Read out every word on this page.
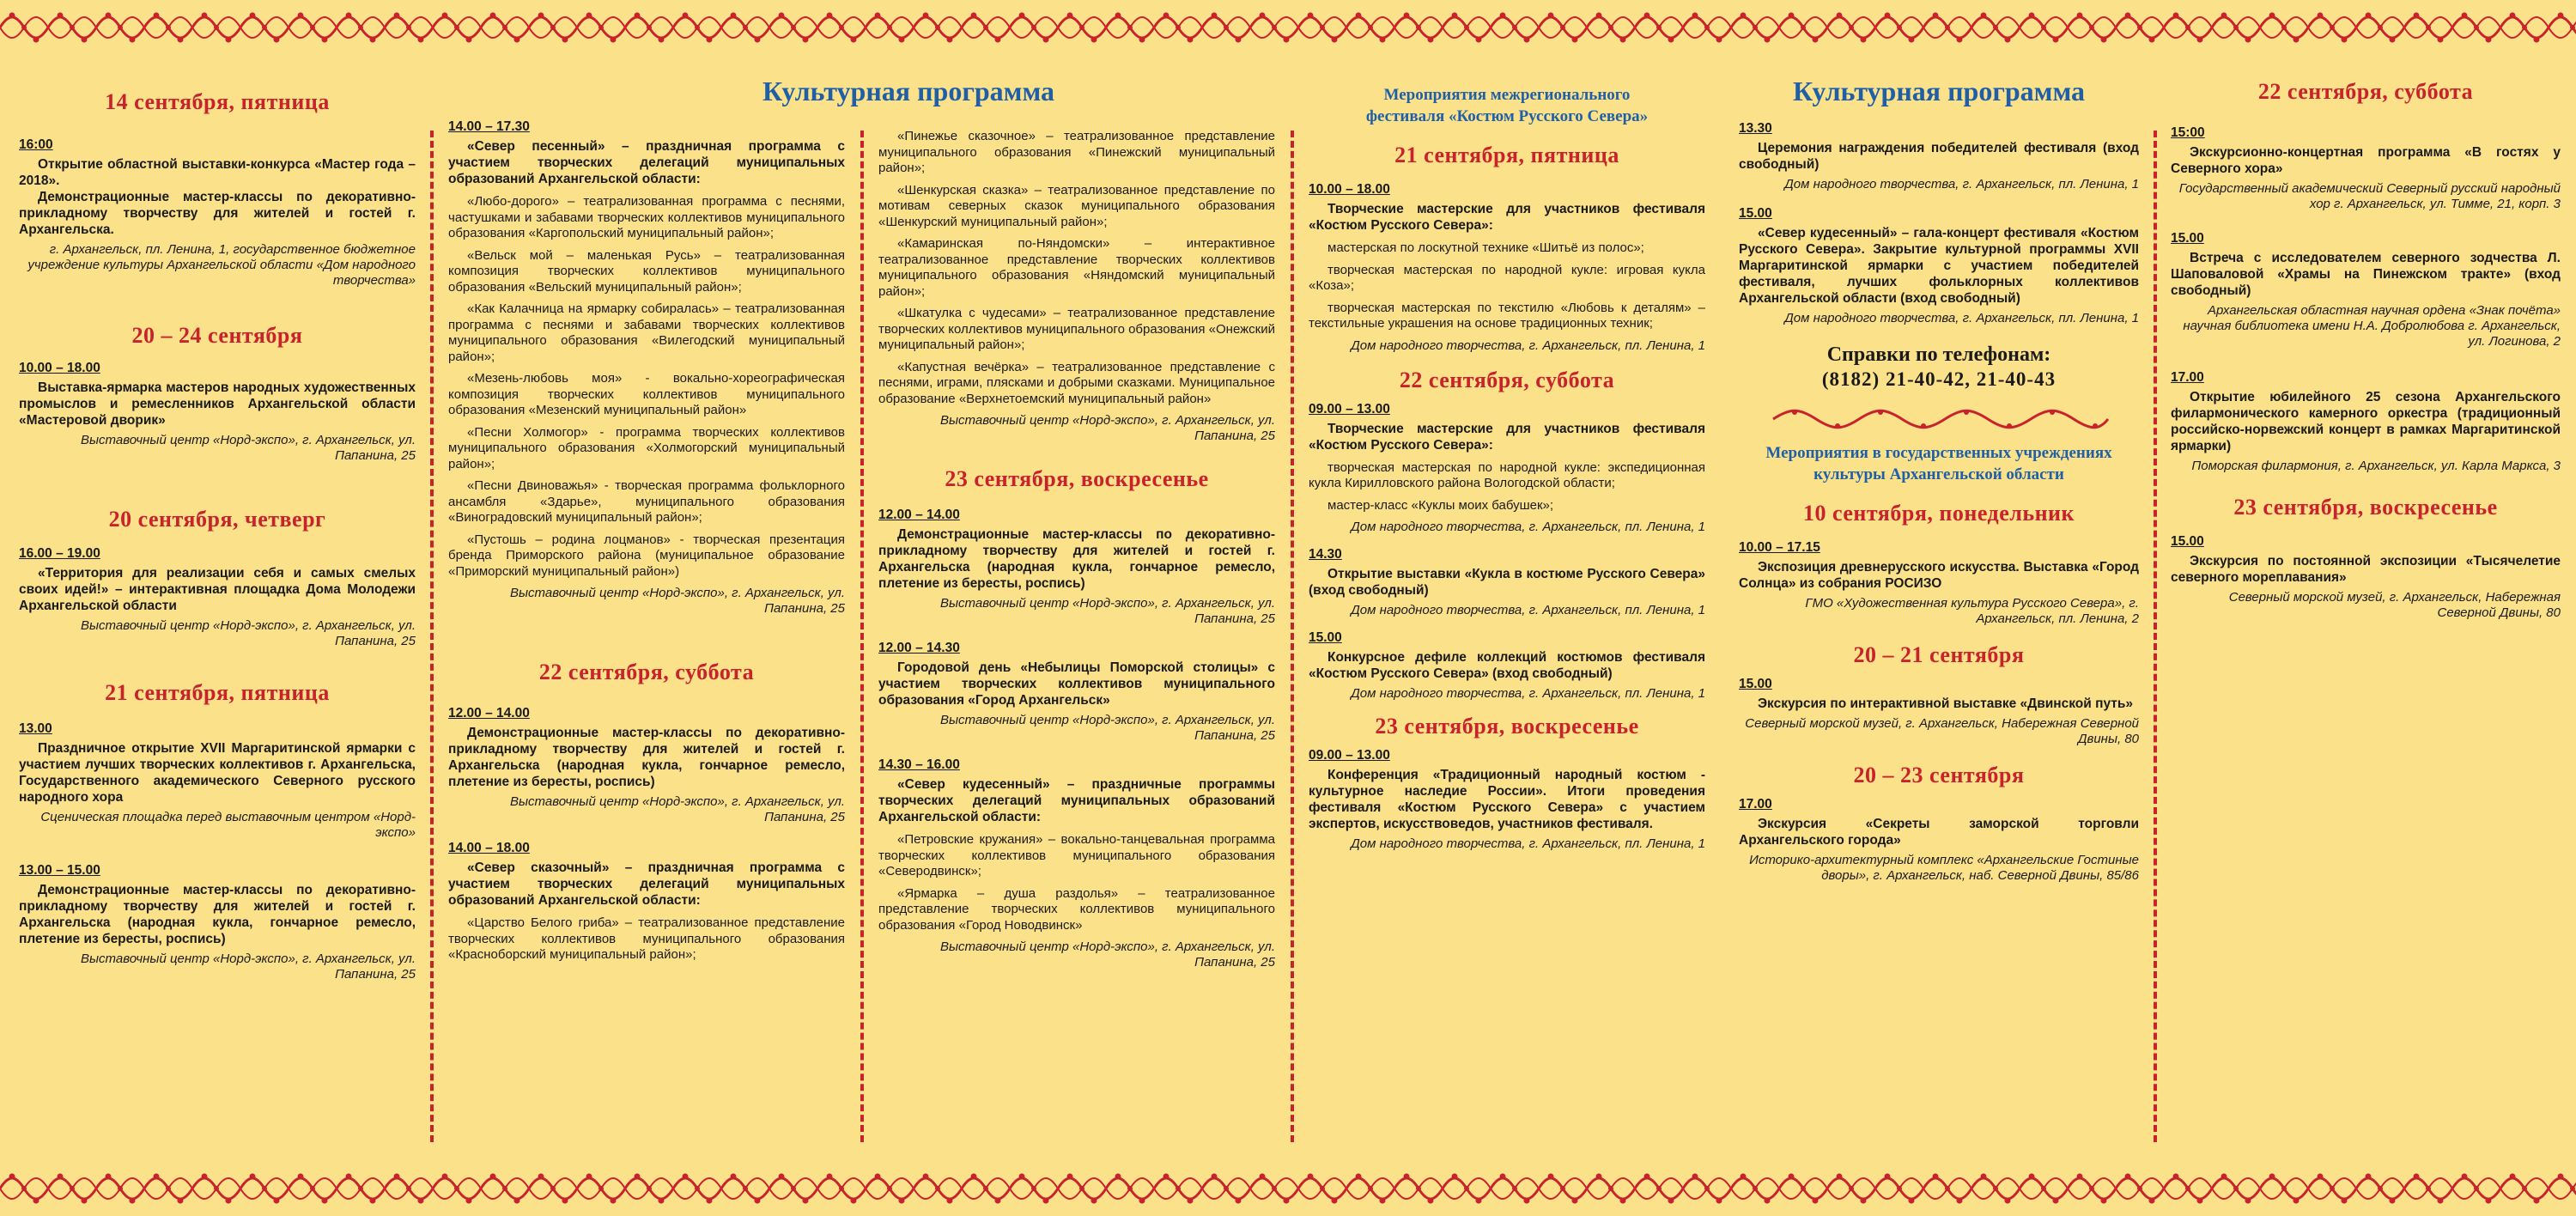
14 сентября, пятница

16:00

Открытие областной выставки-конкурса «Мастер года – 2018».

Демонстрационные мастер-классы по декоративно-прикладному творчеству для жителей и гостей г. Архангельска.

г. Архангельск, пл. Ленина, 1, государственное бюджетное учреждение культуры Архангельской области «Дом народного творчества»

20 – 24 сентября

10.00 – 18.00

Выставка-ярмарка мастеров народных художественных промыслов и ремесленников Архангельской области «Мастеровой дворик»

Выставочный центр «Норд-экспо», г. Архангельск, ул. Папанина, 25

20 сентября, четверг

16.00 – 19.00

«Территория для реализации себя и самых смелых своих идей!» – интерактивная площадка Дома Молодежи Архангельской области

Выставочный центр «Норд-экспо», г. Архангельск, ул. Папанина, 25

21 сентября, пятница

13.00

Праздничное открытие XVII Маргаритинской ярмарки с участием лучших творческих коллективов г. Архангельска, Государственного академического Северного русского народного хора

Сценическая площадка перед выставочным центром «Норд-экспо»

13.00 – 15.00

Демонстрационные мастер-классы по декоративно-прикладному творчеству для жителей и гостей г. Архангельска (народная кукла, гончарное ремесло, плетение из бересты, роспись)

Выставочный центр «Норд-экспо», г. Архангельск, ул. Папанина, 25

Культурная программа

14.00 – 17.30

«Север песенный» – праздничная программа с участием творческих делегаций муниципальных образований Архангельской области:

«Любо-дорого» – театрализованная программа с песнями, частушками и забавами творческих коллективов муниципального образования «Каргопольский муниципальный район»;

«Вельск мой – маленькая Русь» – театрализованная композиция творческих коллективов муниципального образования «Вельский муниципальный район»;

«Как Калачница на ярмарку собиралась» – театрализованная программа с песнями и забавами творческих коллективов муниципального образования «Вилегодский муниципальный район»;

«Мезень-любовь моя» - вокально-хореографическая композиция творческих коллективов муниципального образования «Мезенский муниципальный район»

«Песни Холмогор» - программа творческих коллективов муниципального образования «Холмогорский муниципальный район»;

«Песни Двиноважья» - творческая программа фольклорного ансамбля «Здарье», муниципального образования «Виноградовский муниципальный район»;

«Пустошь – родина лоцманов» - творческая презентация бренда Приморского района (муниципальное образование «Приморский муниципальный район»)

Выставочный центр «Норд-экспо», г. Архангельск, ул. Папанина, 25

22 сентября, суббота

12.00 – 14.00

Демонстрационные мастер-классы по декоративно-прикладному творчеству для жителей и гостей г. Архангельска (народная кукла, гончарное ремесло, плетение из бересты, роспись)

Выставочный центр «Норд-экспо», г. Архангельск, ул. Папанина, 25

14.00 – 18.00

«Север сказочный» – праздничная программа с участием творческих делегаций муниципальных образований Архангельской области:

«Царство Белого гриба» – театрализованное представление творческих коллективов муниципального образования «Красноборский муниципальный район»;

«Пинежье сказочное» – театрализованное представление муниципального образования «Пинежский муниципальный район»;

«Шенкурская сказка» – театрализованное представление по мотивам северных сказок муниципального образования «Шенкурский муниципальный район»;

«Камаринская по-Няндомски» – интерактивное театрализованное представление творческих коллективов муниципального образования «Няндомский муниципальный район»;

«Шкатулка с чудесами» – театрализованное представление творческих коллективов муниципального образования «Онежский муниципальный район»;

«Капустная вечёрка» – театрализованное представление с песнями, играми, плясками и добрыми сказками. Муниципальное образование «Верхнетоемский муниципальный район»

Выставочный центр «Норд-экспо», г. Архангельск, ул. Папанина, 25

23 сентября, воскресенье

12.00 – 14.00

Демонстрационные мастер-классы по декоративно-прикладному творчеству для жителей и гостей г. Архангельска (народная кукла, гончарное ремесло, плетение из бересты, роспись)

Выставочный центр «Норд-экспо», г. Архангельск, ул. Папанина, 25

12.00 – 14.30

Городовой день «Небылицы Поморской столицы» с участием творческих коллективов муниципального образования «Город Архангельск»

Выставочный центр «Норд-экспо», г. Архангельск, ул. Папанина, 25

14.30 – 16.00

«Север кудесенный» – праздничные программы творческих делегаций муниципальных образований Архангельской области:

«Петровские кружания» – вокально-танцевальная программа творческих коллективов муниципального образования «Северодвинск»;

«Ярмарка – душа раздолья» – театрализованное представление творческих коллективов муниципального образования «Город Новодвинск»

Выставочный центр «Норд-экспо», г. Архангельск, ул. Папанина, 25

Мероприятия межрегионального фестиваля «Костюм Русского Севера»

21 сентября, пятница

10.00 – 18.00

Творческие мастерские для участников фестиваля «Костюм Русского Севера»:

мастерская по лоскутной технике «Шитьё из полос»;

творческая мастерская по народной кукле: игровая кукла «Коза»;

творческая мастерская по текстилю «Любовь к деталям» – текстильные украшения на основе традиционных техник;

Дом народного творчества, г. Архангельск, пл. Ленина, 1

22 сентября, суббота

09.00 – 13.00

Творческие мастерские для участников фестиваля «Костюм Русского Севера»:

творческая мастерская по народной кукле: экспедиционная кукла Кирилловского района Вологодской области;

мастер-класс «Куклы моих бабушек»;

Дом народного творчества, г. Архангельск, пл. Ленина, 1

14.30

Открытие выставки «Кукла в костюме Русского Севера» (вход свободный)

Дом народного творчества, г. Архангельск, пл. Ленина, 1

15.00

Конкурсное дефиле коллекций костюмов фестиваля «Костюм Русского Севера» (вход свободный)

Дом народного творчества, г. Архангельск, пл. Ленина, 1

23 сентября, воскресенье

09.00 – 13.00

Конференция «Традиционный народный костюм - культурное наследие России». Итоги проведения фестиваля «Костюм Русского Севера» с участием экспертов, искусствоведов, участников фестиваля.

Дом народного творчества, г. Архангельск, пл. Ленина, 1

Культурная программа

13.30

Церемония награждения победителей фестиваля (вход свободный)

Дом народного творчества, г. Архангельск, пл. Ленина, 1

15.00

«Север кудесенный» – гала-концерт фестиваля «Костюм Русского Севера». Закрытие культурной программы XVII Маргаритинской ярмарки с участием победителей фестиваля, лучших фольклорных коллективов Архангельской области (вход свободный)

Дом народного творчества, г. Архангельск, пл. Ленина, 1

Справки по телефонам:

(8182) 21-40-42, 21-40-43

Мероприятия в государственных учреждениях культуры Архангельской области

10 сентября, понедельник

10.00 – 17.15

Экспозиция древнерусского искусства. Выставка «Город Солнца» из собрания РОСИЗО

ГМО «Художественная культура Русского Севера», г. Архангельск, пл. Ленина, 2

20 – 21 сентября

15.00

Экскурсия по интерактивной выставке «Двинской путь»

Северный морской музей, г. Архангельск, Набережная Северной Двины, 80

20 – 23 сентября

17.00

Экскурсия «Секреты заморской торговли Архангельского города»

Историко-архитектурный комплекс «Архангельские Гостиные дворы», г. Архангельск, наб. Северной Двины, 85/86

22 сентября, суббота

15:00

Экскурсионно-концертная программа «В гостях у Северного хора»

Государственный академический Северный русский народный хор г. Архангельск, ул. Тимме, 21, корп. 3

15.00

Встреча с исследователем северного зодчества Л. Шаповаловой «Храмы на Пинежском тракте» (вход свободный)

Архангельская областная научная ордена «Знак почёта» научная библиотека имени Н.А. Добролюбова г. Архангельск, ул. Логинова, 2

17.00

Открытие юбилейного 25 сезона Архангельского филармонического камерного оркестра (традиционный российско-норвежский концерт в рамках Маргаритинской ярмарки)

Поморская филармония, г. Архангельск, ул. Карла Маркса, 3

23 сентября, воскресенье

15.00

Экскурсия по постоянной экспозиции «Тысячелетие северного мореплавания»

Северный морской музей, г. Архангельск, Набережная Северной Двины, 80
